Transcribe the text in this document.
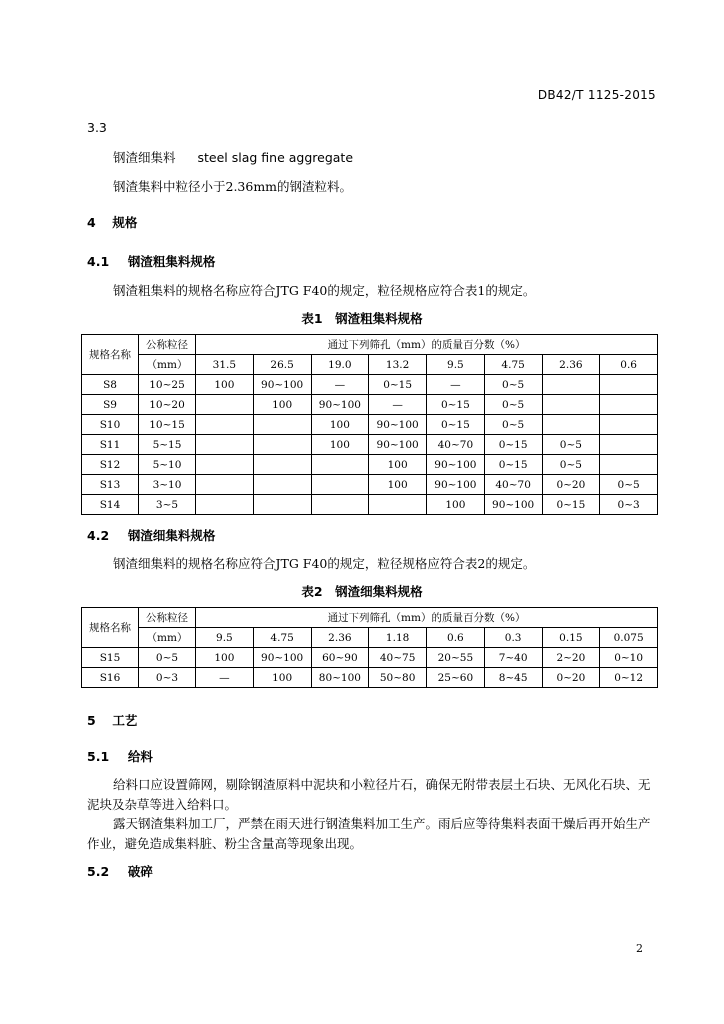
DB42/T 1125-2015
3.3
钢渣细集料 steel slag fine aggregate
钢渣集料中粒径小于2.36mm的钢渣粒料。
4 规格
4.1 钢渣粗集料规格
钢渣粗集料的规格名称应符合JTG F40的规定，粒径规格应符合表1的规定。
表1　钢渣粗集料规格
规格名称	公称粒径	通过下列筛孔（mm）的质量百分数（%）							
	（mm）	31.5	26.5	19.0	13.2	9.5	4.75	2.36	0.6
S8	10~25	100	90~100	—	0~15	—	0~5		
S9	10~20		100	90~100	—	0~15	0~5		
S10	10~15			100	90~100	0~15	0~5		
S11	5~15			100	90~100	40~70	0~15	0~5	
S12	5~10				100	90~100	0~15	0~5	
S13	3~10				100	90~100	40~70	0~20	0~5
S14	3~5					100	90~100	0~15	0~3
4.2 钢渣细集料规格
钢渣细集料的规格名称应符合JTG F40的规定，粒径规格应符合表2的规定。
表2　钢渣细集料规格
规格名称	公称粒径	通过下列筛孔（mm）的质量百分数（%）							
	（mm）	9.5	4.75	2.36	1.18	0.6	0.3	0.15	0.075
S15	0~5	100	90~100	60~90	40~75	20~55	7~40	2~20	0~10
S16	0~3	—	100	80~100	50~80	25~60	8~45	0~20	0~12
5 工艺
5.1 给料
给料口应设置筛网，剔除钢渣原料中泥块和小粒径片石，确保无附带表层土石块、无风化石块、无
泥块及杂草等进入给料口。
露天钢渣集料加工厂，严禁在雨天进行钢渣集料加工生产。雨后应等待集料表面干燥后再开始生产
作业，避免造成集料脏、粉尘含量高等现象出现。
5.2 破碎
2
